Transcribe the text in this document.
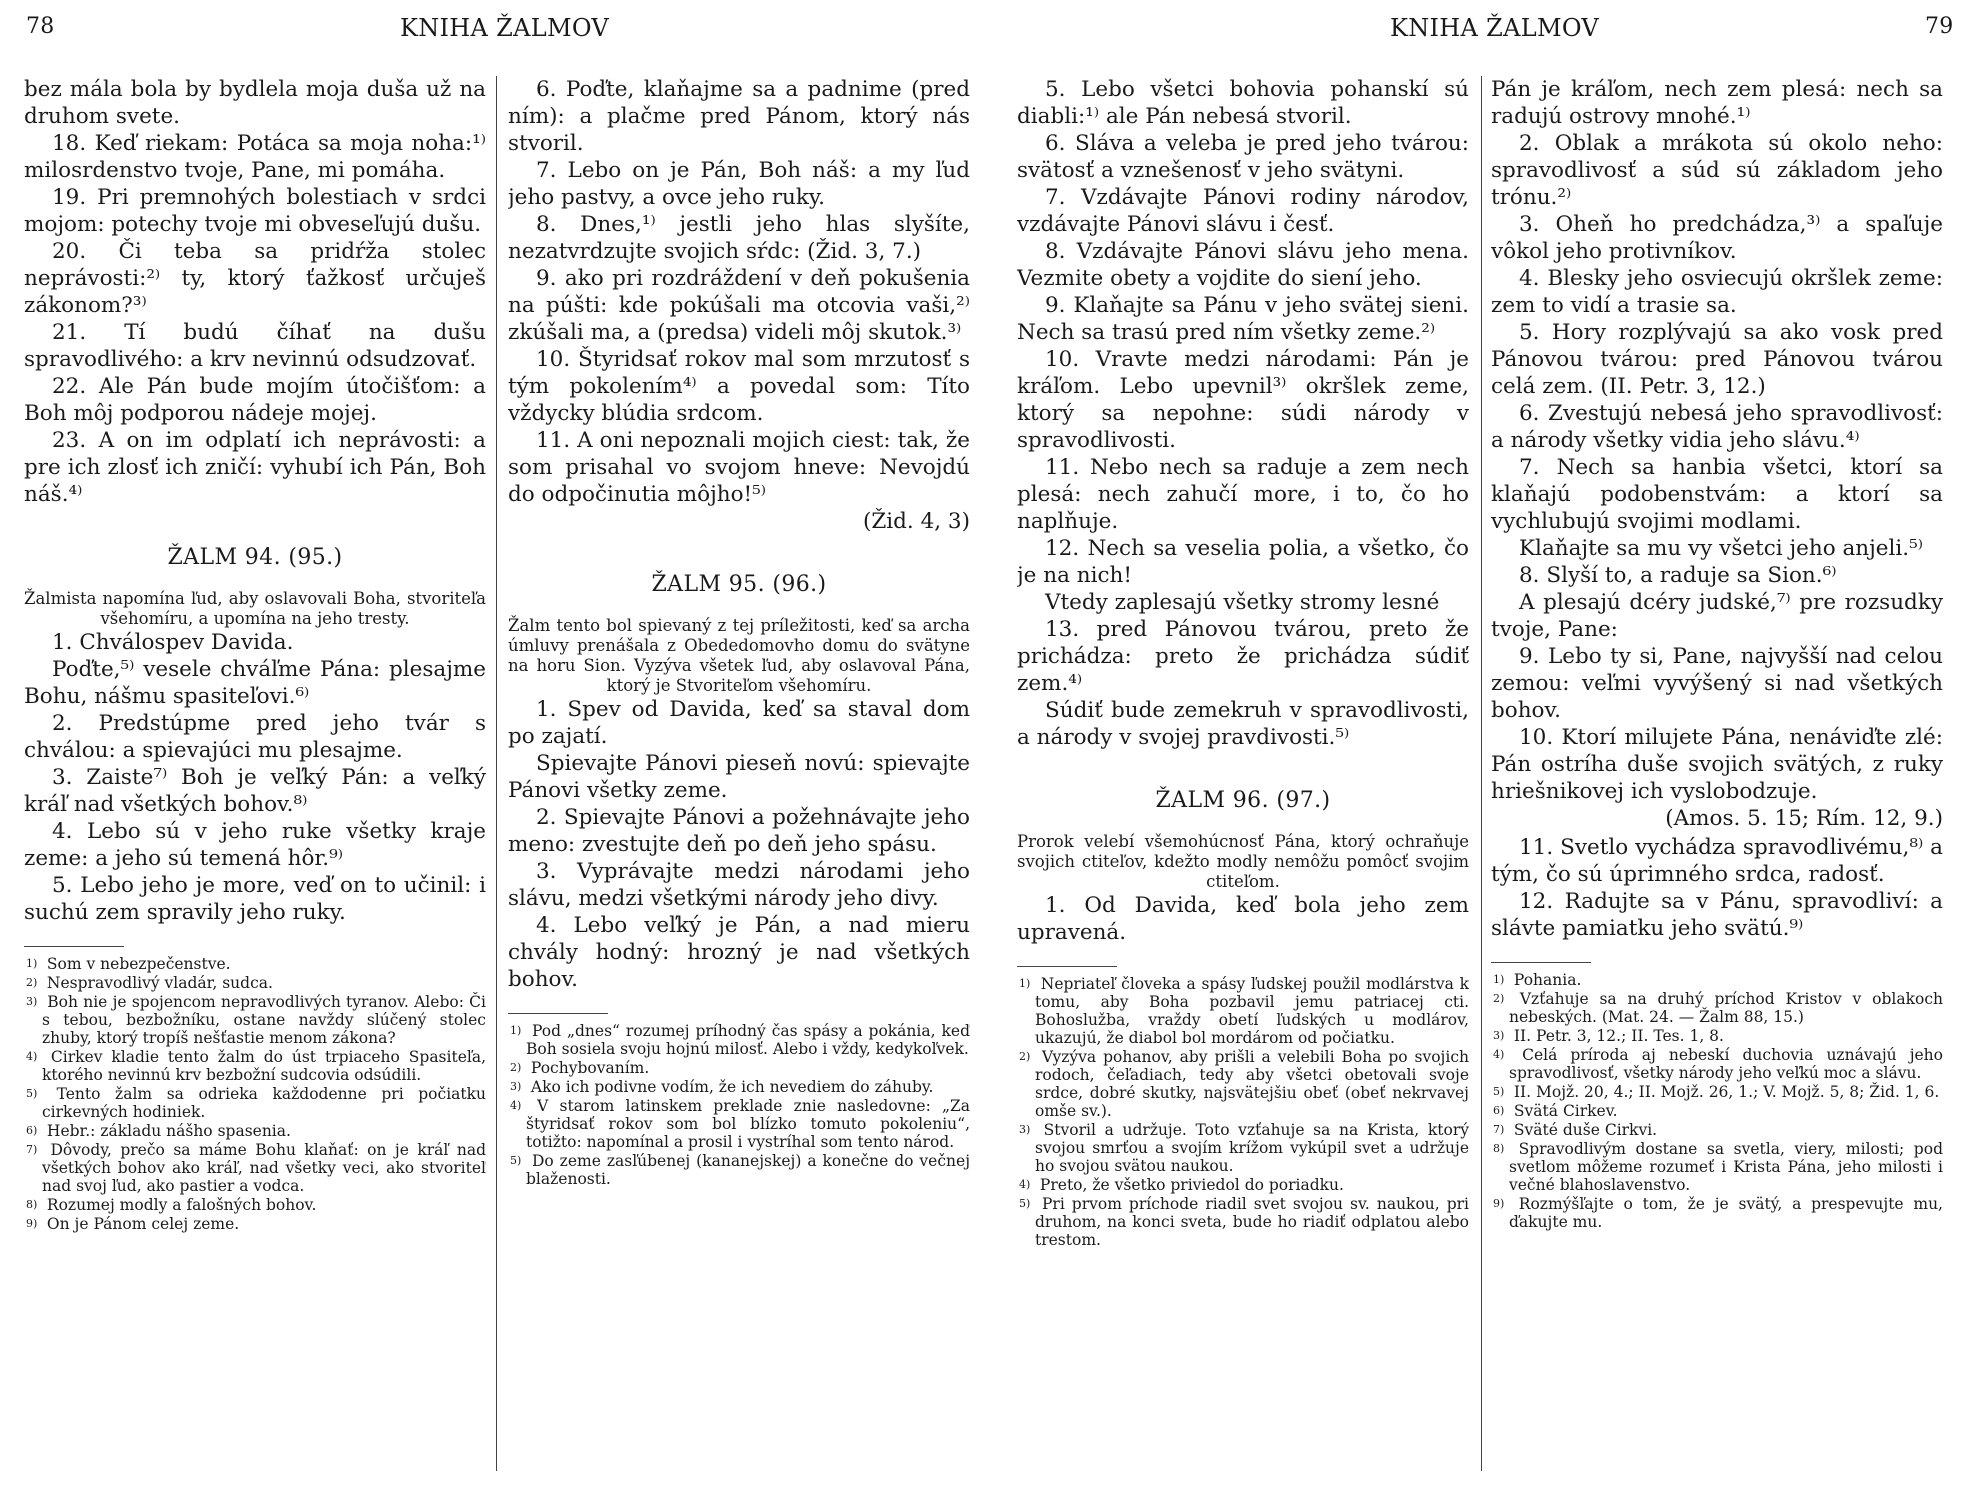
78	KNIHA ŽALMOV

bez mála bola by bydlela moja duša už na druhom svete.

18. Keď riekam: Potáca sa moja noha:¹⁾ milosrdenstvo tvoje, Pane, mi pomáha.

19. Pri premnohých bolestiach v srdci mojom: potechy tvoje mi obveseľujú dušu.

20. Či teba sa pridŕža stolec neprávosti:²⁾ ty, ktorý ťažkosť určuješ zákonom?³⁾

21. Tí budú číhať na dušu spravodlivého: a krv nevinnú odsudzovať.

22. Ale Pán bude mojím útočišťom: a Boh môj podporou nádeje mojej.

23. A on im odplatí ich neprávosti: a pre ich zlosť ich zničí: vyhubí ich Pán, Boh náš.⁴⁾

ŽALM 94. (95.)

Žalmista napomína ľud, aby oslavovali Boha, stvoriteľa všehomíru, a upomína na jeho tresty.

1. Chválospev Davida.

Poďte,⁵⁾ vesele chváľme Pána: plesajme Bohu, nášmu spasiteľovi.⁶⁾

2. Predstúpme pred jeho tvár s chválou: a spievajúci mu plesajme.

3. Zaiste⁷⁾ Boh je veľký Pán: a veľký kráľ nad všetkých bohov.⁸⁾

4. Lebo sú v jeho ruke všetky kraje zeme: a jeho sú temená hôr.⁹⁾

5. Lebo jeho je more, veď on to učinil: i suchú zem spravily jeho ruky.

1) Som v nebezpečenstve.

2) Nespravodlivý vladár, sudca.

3) Boh nie je spojencom nepravodlivých tyranov. Alebo: Či s tebou, bezbožníku, ostane navždy slúčený stolec zhuby, ktorý tropíš nešťastie menom zákona?

4) Cirkev kladie tento žalm do úst trpiaceho Spasiteľa, ktorého nevinnú krv bezbožní sudcovia odsúdili.

5) Tento žalm sa odrieka každodenne pri počiatku cirkevných hodiniek.

6) Hebr.: základu nášho spasenia.

7) Dôvody, prečo sa máme Bohu klaňať: on je kráľ nad všetkých bohov ako kráľ, nad všetky veci, ako stvoriteľ nad svoj ľud, ako pastier a vodca.

8) Rozumej modly a falošných bohov.

9) On je Pánom celej zeme.

6. Poďte, klaňajme sa a padnime (pred ním): a plačme pred Pánom, ktorý nás stvoril.

7. Lebo on je Pán, Boh náš: a my ľud jeho pastvy, a ovce jeho ruky.

8. Dnes,¹⁾ jestli jeho hlas slyšíte, nezatvrdzujte svojich sŕdc: (Žid. 3, 7.)

9. ako pri rozdráždení v deň pokušenia na púšti: kde pokúšali ma otcovia vaši,²⁾ zkúšali ma, a (predsa) videli môj skutok.³⁾

10. Štyridsať rokov mal som mrzutosť s tým pokolením⁴⁾ a povedal som: Títo vždycky blúdia srdcom.

11. A oni nepoznali mojich ciest: tak, že som prisahal vo svojom hneve: Nevojdú do odpočinutia môjho!⁵⁾

(Žid. 4, 3)

ŽALM 95. (96.)

Žalm tento bol spievaný z tej príležitosti, keď sa archa úmluvy prenášala z Obededomovho domu do svätyne na horu Sion. Vyzýva všetek ľud, aby oslavoval Pána, ktorý je Stvoriteľom všehomíru.

1. Spev od Davida, keď sa staval dom po zajatí.

Spievajte Pánovi pieseň novú: spievajte Pánovi všetky zeme.

2. Spievajte Pánovi a požehnávajte jeho meno: zvestujte deň po deň jeho spásu.

3. Vyprávajte medzi národami jeho slávu, medzi všetkými národy jeho divy.

4. Lebo veľký je Pán, a nad mieru chvály hodný: hrozný je nad všetkých bohov.

1) Pod „dnes“ rozumej príhodný čas spásy a pokánia, keď Boh sosiela svoju hojnú milosť. Alebo i vždy, kedykoľvek.

2) Pochybovaním.

3) Ako ich podivne vodím, že ich nevediem do záhuby.

4) V starom latinskem preklade znie nasledovne: „Za štyridsať rokov som bol blízko tomuto pokoleniu“, totižto: napomínal a prosil i vystríhal som tento národ.

5) Do zeme zasľúbenej (kananejskej) a konečne do večnej blaženosti.

KNIHA ŽALMOV	79

5. Lebo všetci bohovia pohanskí sú diabli:¹⁾ ale Pán nebesá stvoril.

6. Sláva a veleba je pred jeho tvárou: svätosť a vznešenosť v jeho svätyni.

7. Vzdávajte Pánovi rodiny národov, vzdávajte Pánovi slávu i česť.

8. Vzdávajte Pánovi slávu jeho mena. Vezmite obety a vojdite do siení jeho.

9. Klaňajte sa Pánu v jeho svätej sieni. Nech sa trasú pred ním všetky zeme.²⁾

10. Vravte medzi národami: Pán je kráľom. Lebo upevnil³⁾ okršlek zeme, ktorý sa nepohne: súdi národy v spravodlivosti.

11. Nebo nech sa raduje a zem nech plesá: nech zahučí more, i to, čo ho naplňuje.

12. Nech sa veselia polia, a všetko, čo je na nich!

Vtedy zaplesajú všetky stromy lesné

13. pred Pánovou tvárou, preto že prichádza: preto že prichádza súdiť zem.⁴⁾

Súdiť bude zemekruh v spravodlivosti, a národy v svojej pravdivosti.⁵⁾

ŽALM 96. (97.)

Prorok velebí všemohúcnosť Pána, ktorý ochraňuje svojich ctiteľov, kdežto modly nemôžu pomôcť svojim ctiteľom.

1. Od Davida, keď bola jeho zem upravená.

1) Nepriateľ človeka a spásy ľudskej použil modlárstva k tomu, aby Boha pozbavil jemu patriacej cti. Bohoslužba, vraždy obetí ľudských u modlárov, ukazujú, že diabol bol mordárom od počiatku.

2) Vyzýva pohanov, aby prišli a velebili Boha po svojich rodoch, čeľadiach, tedy aby všetci obetovali svoje srdce, dobré skutky, najsvätejšiu obeť (obeť nekrvavej omše sv.).

3) Stvoril a udržuje. Toto vzťahuje sa na Krista, ktorý svojou smrťou a svojím krížom vykúpil svet a udržuje ho svojou svätou naukou.

4) Preto, že všetko priviedol do poriadku.

5) Pri prvom príchode riadil svet svojou sv. naukou, pri druhom, na konci sveta, bude ho riadiť odplatou alebo trestom.

Pán je kráľom, nech zem plesá: nech sa radujú ostrovy mnohé.¹⁾

2. Oblak a mrákota sú okolo neho: spravodlivosť a súd sú základom jeho trónu.²⁾

3. Oheň ho predchádza,³⁾ a spaľuje vôkol jeho protivníkov.

4. Blesky jeho osviecujú okršlek zeme: zem to vidí a trasie sa.

5. Hory rozplývajú sa ako vosk pred Pánovou tvárou: pred Pánovou tvárou celá zem. (II. Petr. 3, 12.)

6. Zvestujú nebesá jeho spravodlivosť: a národy všetky vidia jeho slávu.⁴⁾

7. Nech sa hanbia všetci, ktorí sa klaňajú podobenstvám: a ktorí sa vychlubujú svojimi modlami.

Klaňajte sa mu vy všetci jeho anjeli.⁵⁾

8. Slyší to, a raduje sa Sion.⁶⁾

A plesajú dcéry judské,⁷⁾ pre rozsudky tvoje, Pane:

9. Lebo ty si, Pane, najvyšší nad celou zemou: veľmi vyvýšený si nad všetkých bohov.

10. Ktorí milujete Pána, nenáviďte zlé: Pán ostríha duše svojich svätých, z ruky hriešnikovej ich vyslobodzuje.

(Amos. 5. 15; Rím. 12, 9.)

11. Svetlo vychádza spravodlivému,⁸⁾ a tým, čo sú úprimného srdca, radosť.

12. Radujte sa v Pánu, spravodliví: a slávte pamiatku jeho svätú.⁹⁾

1) Pohania.

2) Vzťahuje sa na druhý príchod Kristov v oblakoch nebeských. (Mat. 24. — Žalm 88, 15.)

3) II. Petr. 3, 12.; II. Tes. 1, 8.

4) Celá príroda aj nebeskí duchovia uznávajú jeho spravodlivosť, všetky národy jeho veľkú moc a slávu.

5) II. Mojž. 20, 4.; II. Mojž. 26, 1.; V. Mojž. 5, 8; Žid. 1, 6.

6) Svätá Cirkev.

7) Sväté duše Cirkvi.

8) Spravodlivým dostane sa svetla, viery, milosti; pod svetlom môžeme rozumeť i Krista Pána, jeho milosti i večné blahoslavenstvo.

9) Rozmýšľajte o tom, že je svätý, a prespevujte mu, ďakujte mu.
